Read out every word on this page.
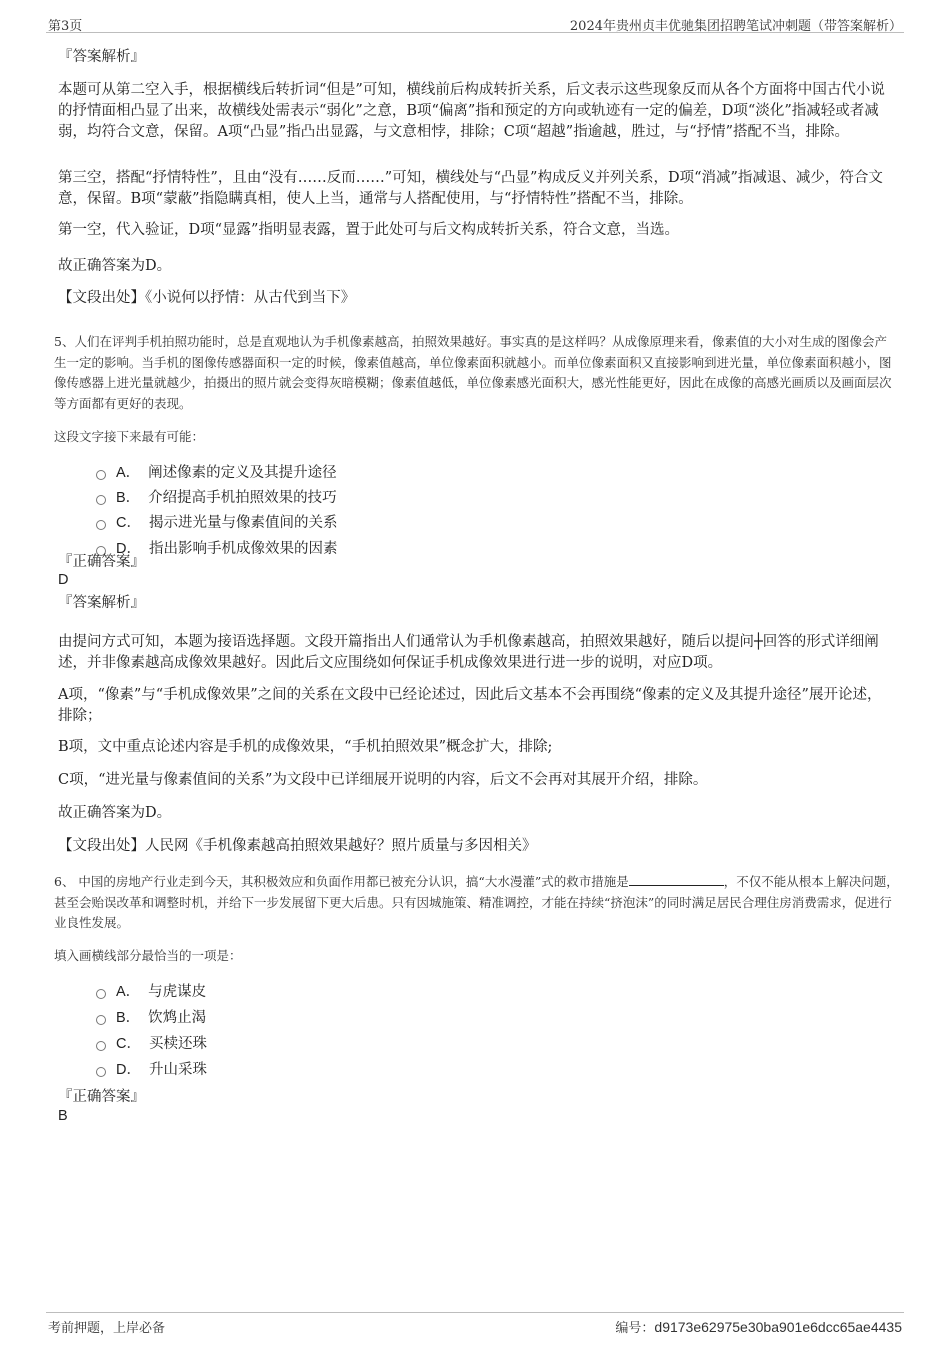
第3页	2024年贵州贞丰优驰集团招聘笔试冲刺题（带答案解析）
『答案解析』
本题可从第二空入手，根据横线后转折词“但是”可知，横线前后构成转折关系，后文表示这些现象反而从各个方面将中国古代小说的抒情面相凸显了出来，故横线处需表示“弱化”之意，B项“偏离”指和预定的方向或轨迹有一定的偏差，D项“淡化”指减轻或者减弱，均符合文意，保留。A项“凸显”指凸出显露，与文意相悖，排除；C项“超越”指逾越，胜过，与“抒情”搭配不当，排除。
第三空，搭配“抒情特性”，且由“没有……反而……”可知，横线处与“凸显”构成反义并列关系，D项“消减”指减退、减少，符合文意，保留。B项“蒙蔽”指隐瞒真相，使人上当，通常与人搭配使用，与“抒情特性”搭配不当，排除。
第一空，代入验证，D项“显露”指明显表露，置于此处可与后文构成转折关系，符合文意，当选。
故正确答案为D。
【文段出处】《小说何以抒情：从古代到当下》
5、人们在评判手机拍照功能时，总是直观地认为手机像素越高，拍照效果越好。事实真的是这样吗？从成像原理来看，像素值的大小对生成的图像会产生一定的影响。当手机的图像传感器面积一定的时候，像素值越高，单位像素面积就越小。而单位像素面积又直接影响到进光量，单位像素面积越小，图像传感器上进光量就越少，拍摄出的照片就会变得灰暗模糊；像素值越低，单位像素感光面积大，感光性能更好，因此在成像的高感光画质以及画面层次等方面都有更好的表现。
这段文字接下来最有可能：
A． 阐述像素的定义及其提升途径
B． 介绍提高手机拍照效果的技巧
C． 揭示进光量与像素值间的关系
D． 指出影响手机成像效果的因素
『正确答案』
D
『答案解析』
由提问方式可知，本题为接语选择题。文段开篇指出人们通常认为手机像素越高，拍照效果越好，随后以提问┼回答的形式详细阐述，并非像素越高成像效果越好。因此后文应围绕如何保证手机成像效果进行进一步的说明，对应D项。
A项，“像素”与“手机成像效果”之间的关系在文段中已经论述过，因此后文基本不会再围绕“像素的定义及其提升途径”展开论述，排除；
B项，文中重点论述内容是手机的成像效果，“手机拍照效果”概念扩大，排除;
C项，“进光量与像素值间的关系”为文段中已详细展开说明的内容，后文不会再对其展开介绍，排除。
故正确答案为D。
【文段出处】人民网《手机像素越高拍照效果越好？照片质量与多因相关》
6、 中国的房地产行业走到今天，其积极效应和负面作用都已被充分认识，搞“大水漫灌”式的救市措施是	，不仅不能从根本上解决问题，甚至会贻误改革和调整时机，并给下一步发展留下更大后患。只有因城施策、精准调控，才能在持续“挤泡沫”的同时满足居民合理住房消费需求，促进行业良性发展。
填入画横线部分最恰当的一项是：
A． 与虎谋皮
B． 饮鸩止渴
C． 买椟还珠
D． 升山采珠
『正确答案』
B
考前押题，上岸必备	编号：d9173e62975e30ba901e6dcc65ae4435
